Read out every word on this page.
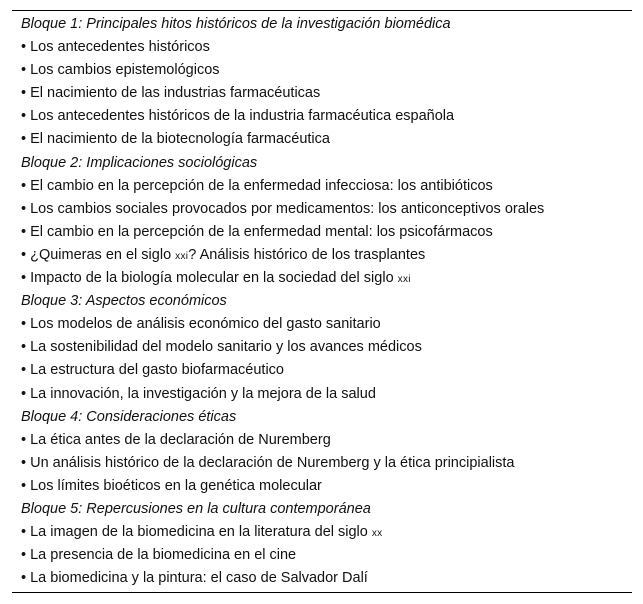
Bloque 1: Principales hitos históricos de la investigación biomédica
• Los antecedentes históricos
• Los cambios epistemológicos
• El nacimiento de las industrias farmacéuticas
• Los antecedentes históricos de la industria farmacéutica española
• El nacimiento de la biotecnología farmacéutica
Bloque 2: Implicaciones sociológicas
• El cambio en la percepción de la enfermedad infecciosa: los antibióticos
• Los cambios sociales provocados por medicamentos: los anticonceptivos orales
• El cambio en la percepción de la enfermedad mental: los psicofármacos
• ¿Quimeras en el siglo xxi? Análisis histórico de los trasplantes
• Impacto de la biología molecular en la sociedad del siglo xxi
Bloque 3: Aspectos económicos
• Los modelos de análisis económico del gasto sanitario
• La sostenibilidad del modelo sanitario y los avances médicos
• La estructura del gasto biofarmacéutico
• La innovación, la investigación y la mejora de la salud
Bloque 4: Consideraciones éticas
• La ética antes de la declaración de Nuremberg
• Un análisis histórico de la declaración de Nuremberg y la ética principialista
• Los límites bioéticos en la genética molecular
Bloque 5: Repercusiones en la cultura contemporánea
• La imagen de la biomedicina en la literatura del siglo xx
• La presencia de la biomedicina en el cine
• La biomedicina y la pintura: el caso de Salvador Dalí
